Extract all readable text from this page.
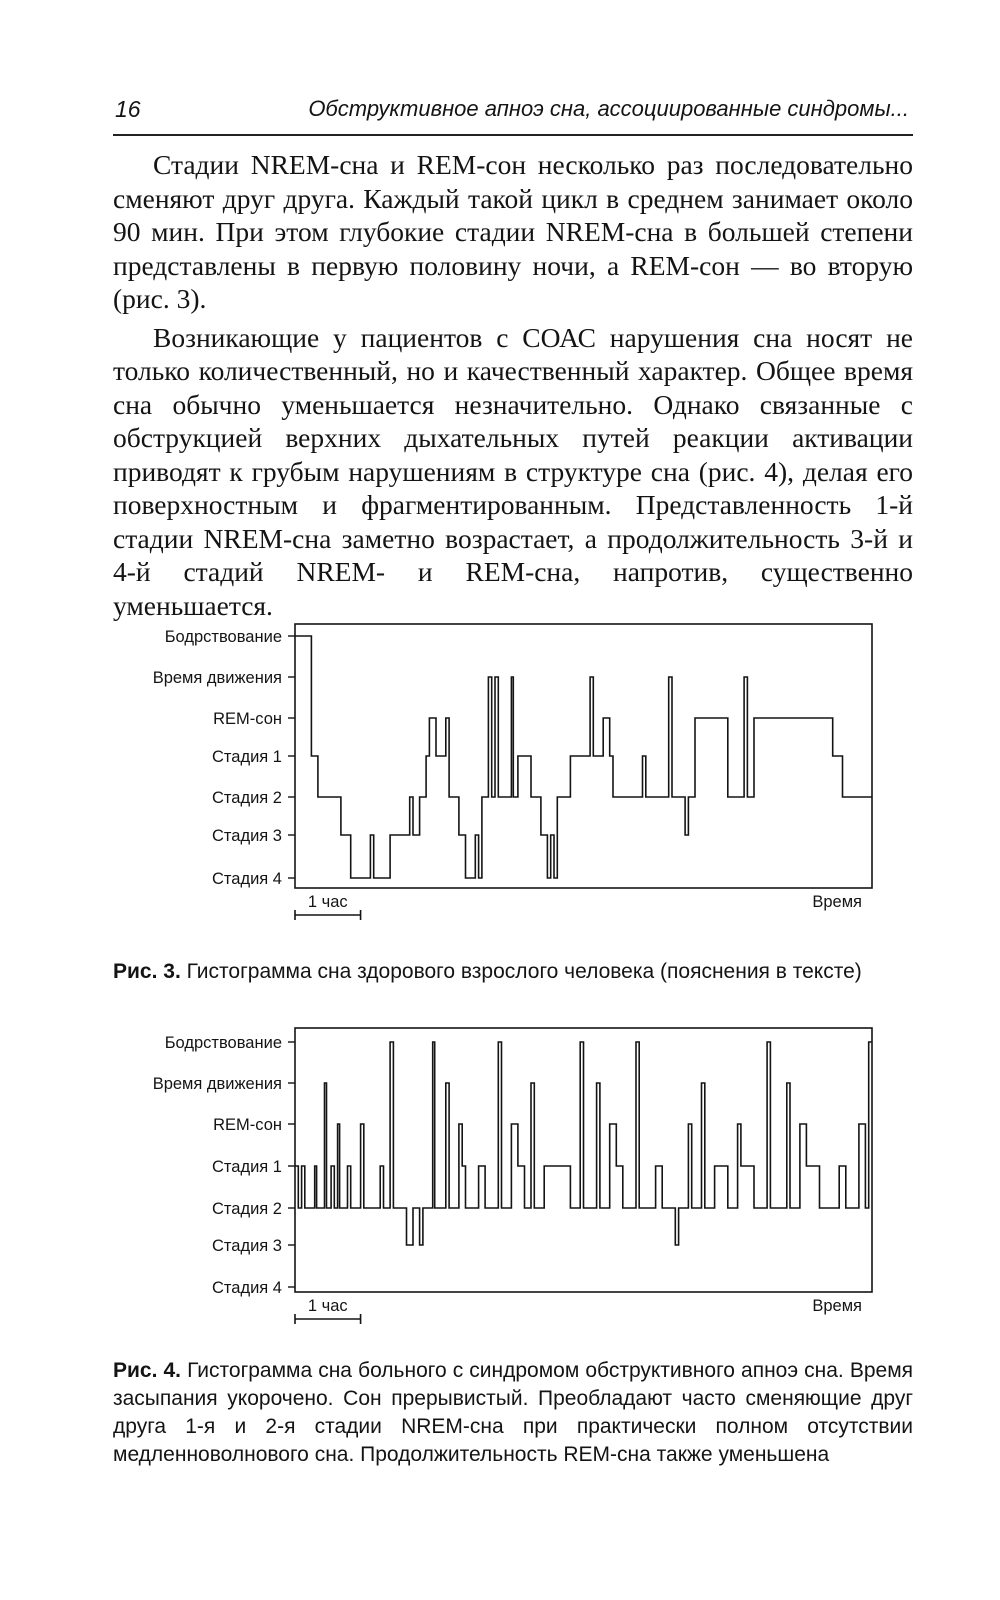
16	Обструктивное апноэ сна, ассоциированные синдромы...

Стадии NREM-сна и REM-сон несколько раз последовательно сменяют друг друга. Каждый такой цикл в среднем занимает около 90 мин. При этом глубокие стадии NREM-сна в большей степени представлены в первую половину ночи, а REM-сон — во вторую (рис. 3).

Возникающие у пациентов с СОАС нарушения сна носят не только количественный, но и качественный характер. Общее время сна обычно уменьшается незначительно. Однако связанные с обструкцией верхних дыхательных путей реакции активации приводят к грубым нарушениям в структуре сна (рис. 4), делая его поверхностным и фрагментированным. Представленность 1-й стадии NREM-сна заметно возрастает, а продолжительность 3-й и 4-й стадий NREM- и REM-сна, напротив, существенно уменьшается.

Бодрствование
Время движения
REM-сон
Стадия 1
Стадия 2
Стадия 3
Стадия 4
1 час	Время
Рис. 3. Гистограмма сна здорового взрослого человека (пояснения в тексте)
Бодрствование
Время движения
REM-сон
Стадия 1
Стадия 2
Стадия 3
Стадия 4
1 час	Время
Рис. 4. Гистограмма сна больного с синдромом обструктивного апноэ сна. Время засыпания укорочено. Сон прерывистый. Преобладают часто сменяющие друг друга 1-я и 2-я стадии NREM-сна при практически полном отсутствии медленноволнового сна. Продолжительность REM-сна также уменьшена
